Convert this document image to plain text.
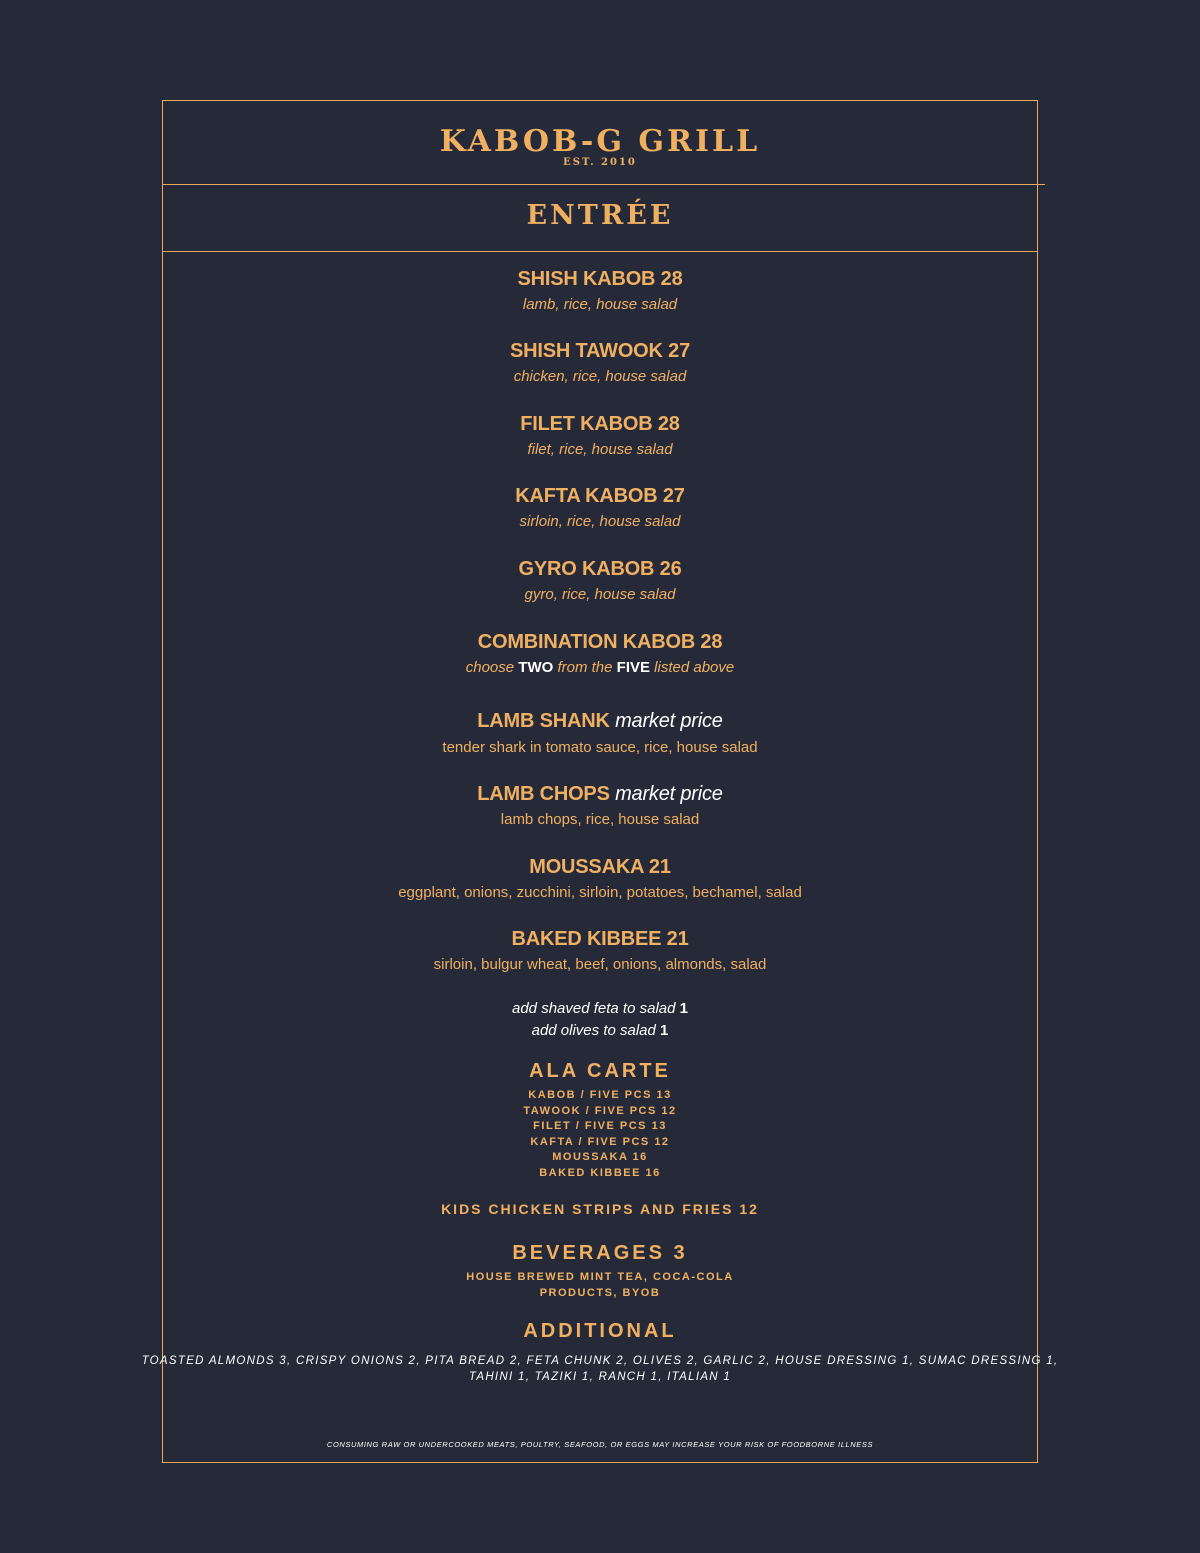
KABOB-G GRILL
EST. 2010
ENTRÉE
SHISH KABOB 28
lamb, rice, house salad
SHISH TAWOOK 27
chicken, rice, house salad
FILET KABOB 28
filet, rice, house salad
KAFTA KABOB 27
sirloin, rice, house salad
GYRO KABOB 26
gyro, rice, house salad
COMBINATION KABOB 28
choose TWO from the FIVE listed above
LAMB SHANK market price
tender shark in tomato sauce, rice, house salad
LAMB CHOPS market price
lamb chops, rice, house salad
MOUSSAKA 21
eggplant, onions, zucchini, sirloin, potatoes, bechamel, salad
BAKED KIBBEE 21
sirloin, bulgur wheat, beef, onions, almonds, salad
add shaved feta to salad 1
add olives to salad 1
ALA CARTE
KABOB / FIVE PCS 13
TAWOOK / FIVE PCS 12
FILET / FIVE PCS 13
KAFTA / FIVE PCS 12
MOUSSAKA 16
BAKED KIBBEE 16
KIDS CHICKEN STRIPS AND FRIES 12
BEVERAGES 3
HOUSE BREWED MINT TEA, COCA-COLA
PRODUCTS, BYOB
ADDITIONAL
TOASTED ALMONDS 3, CRISPY ONIONS 2, PITA BREAD 2, FETA CHUNK 2, OLIVES 2, GARLIC 2, HOUSE DRESSING 1, SUMAC DRESSING 1,
TAHINI 1, TAZIKI 1, RANCH 1, ITALIAN 1
CONSUMING RAW OR UNDERCOOKED MEATS, POULTRY, SEAFOOD, OR EGGS MAY INCREASE YOUR RISK OF FOODBORNE ILLNESS
